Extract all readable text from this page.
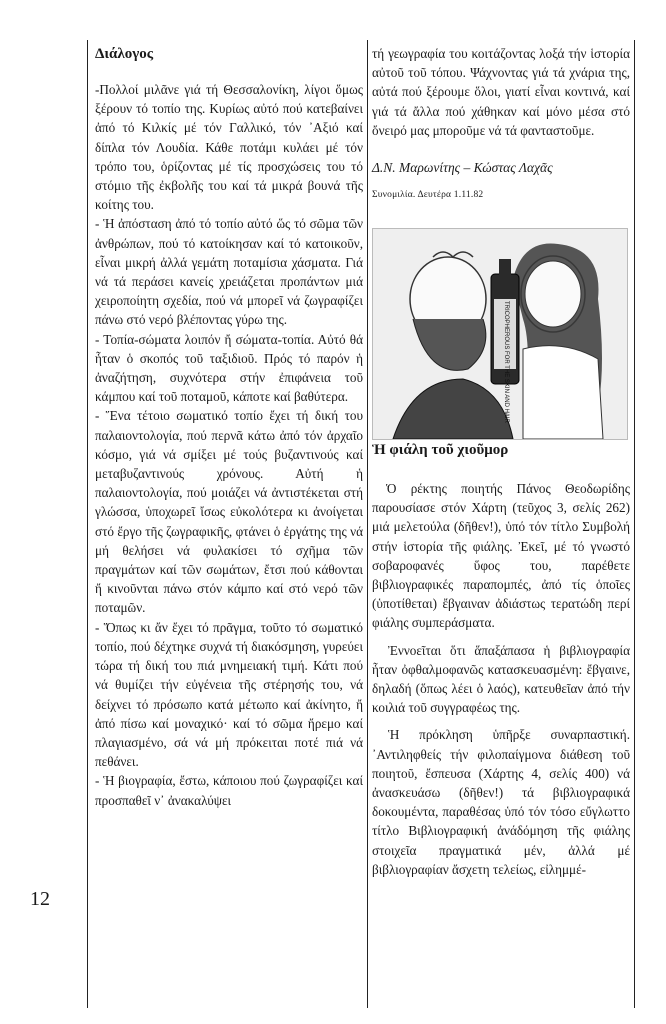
Διάλογος

-Πολλοί μιλᾶνε γιά τή Θεσσαλονίκη, λίγοι ὅμως ξέρουν τό τοπίο της. Κυρίως αὐτό πού κατεβαίνει ἀπό τό Κιλκίς μέ τόν Γαλλικό, τόν ᾿Αξιό καί δίπλα τόν Λουδία. Κάθε ποτάμι κυλάει μέ τόν τρόπο του, ὁρίζοντας μέ τίς προσχώσεις του τό στόμιο τῆς ἐκβολῆς του καί τά μικρά βουνά τῆς κοίτης του.

- Ἡ ἀπόσταση ἀπό τό τοπίο αὐτό ὥς τό σῶμα τῶν ἀνθρώπων, πού τό κατοίκησαν καί τό κατοικοῦν, εἶναι μικρή ἀλλά γεμάτη ποταμίσια χάσματα. Γιά νά τά περάσει κανείς χρειάζεται προπάντων μιά χειροποίητη σχεδία, πού νά μπορεῖ νά ζωγραφίζει πάνω στό νερό βλέποντας γύρω της.

- Τοπία-σώματα λοιπόν ἤ σώματα-τοπία. Αὐτό θά ἦταν ὁ σκοπός τοῦ ταξιδιοῦ. Πρός τό παρόν ἡ ἀναζήτηση, συχνότερα στήν ἐπιφάνεια τοῦ κάμπου καί τοῦ ποταμοῦ, κάποτε καί βαθύτερα.

- Ἕνα τέτοιο σωματικό τοπίο ἔχει τή δική του παλαιοντολογία, πού περνᾶ κάτω ἀπό τόν ἀρχαῖο κόσμο, γιά νά σμίξει μέ τούς βυζαντινούς καί μεταβυζαντινούς χρόνους. Αὐτή ἡ παλαιοντολογία, πού μοιάζει νά ἀντιστέκεται στή γλώσσα, ὑποχωρεῖ ἴσως εὐκολότερα κι ἀνοίγεται στό ἔργο τῆς ζωγραφικῆς, φτάνει ὁ ἐργάτης της νά μή θελήσει νά φυλακίσει τό σχῆμα τῶν πραγμάτων καί τῶν σωμάτων, ἔτσι πού κάθονται ἤ κινοῦνται πάνω στόν κάμπο καί στό νερό τῶν ποταμῶν.

- Ὅπως κι ἄν ἔχει τό πρᾶγμα, τοῦτο τό σωματικό τοπίο, πού δέχτηκε συχνά τή διακόσμηση, γυρεύει τώρα τή δική του πιά μνημειακή τιμή. Κάτι πού νά θυμίζει τήν εὐγένεια τῆς στέρησής του, νά δείχνει τό πρόσωπο κατά μέτωπο καί ἀκίνητο, ἤ ἀπό πίσω καί μοναχικό· καί τό σῶμα ἤρεμο καί πλαγιασμένο, σά νά μή πρόκειται ποτέ πιά νά πεθάνει.

- Ἡ βιογραφία, ἔστω, κάποιου πού ζωγραφίζει καί προσπαθεῖ ν᾿ ἀνακαλύψει

τή γεωγραφία του κοιτάζοντας λοξά τήν ἱστορία αὐτοῦ τοῦ τόπου. Ψάχνοντας γιά τά χνάρια της, αὐτά πού ξέρουμε ὅλοι, γιατί εἶναι κοντινά, καί γιά τά ἄλλα πού χάθηκαν καί μόνο μέσα στό ὄνειρό μας μποροῦμε νά τά φανταστοῦμε.

Δ.Ν. Μαρωνίτης – Κώστας Λαχᾶς
Συνομιλία. Δευτέρα 1.11.82
TRICOPHEROUS FOR THE SKIN AND HAIR
Ἡ φιάλη τοῦ χιοῦμορ

Ὁ ρέκτης ποιητής Πάνος Θεοδωρίδης παρουσίασε στόν Χάρτη (τεῦχος 3, σελίς 262) μιά μελετούλα (δῆθεν!), ὑπό τόν τίτλο Συμβολή στήν ἱστορία τῆς φιάλης. Ἐκεῖ, μέ τό γνωστό σοβαροφανές ὕφος του, παρέθετε βιβλιογραφικές παραπομπές, ἀπό τίς ὁποῖες (ὑποτίθεται) ἔβγαιναν ἀδιάστως τερατώδη περί φιάλης συμπεράσματα.

Ἐννοεῖται ὅτι ἅπαξάπασα ἡ βιβλιογραφία ἦταν ὀφθαλμοφανῶς κατασκευασμένη: ἔβγαινε, δηλαδή (ὅπως λέει ὁ λαός), κατευθεῖαν ἀπό τήν κοιλιά τοῦ συγγραφέως της.

Ἡ πρόκληση ὑπῆρξε συναρπαστική. ᾿Αντιληφθείς τήν φιλοπαίγμονα διάθεση τοῦ ποιητοῦ, ἔσπευσα (Χάρτης 4, σελίς 400) νά ἀνασκευάσω (δῆθεν!) τά βιβλιογραφικά δοκουμέντα, παραθέσας ὑπό τόν τόσο εὔγλωττο τίτλο Βιβλιογραφική ἀνάδόμηση τῆς φιάλης στοιχεῖα πραγματικά μέν, ἀλλά μέ βιβλιογραφίαν ἄσχετη τελείως, εἰλημμέ-

12
